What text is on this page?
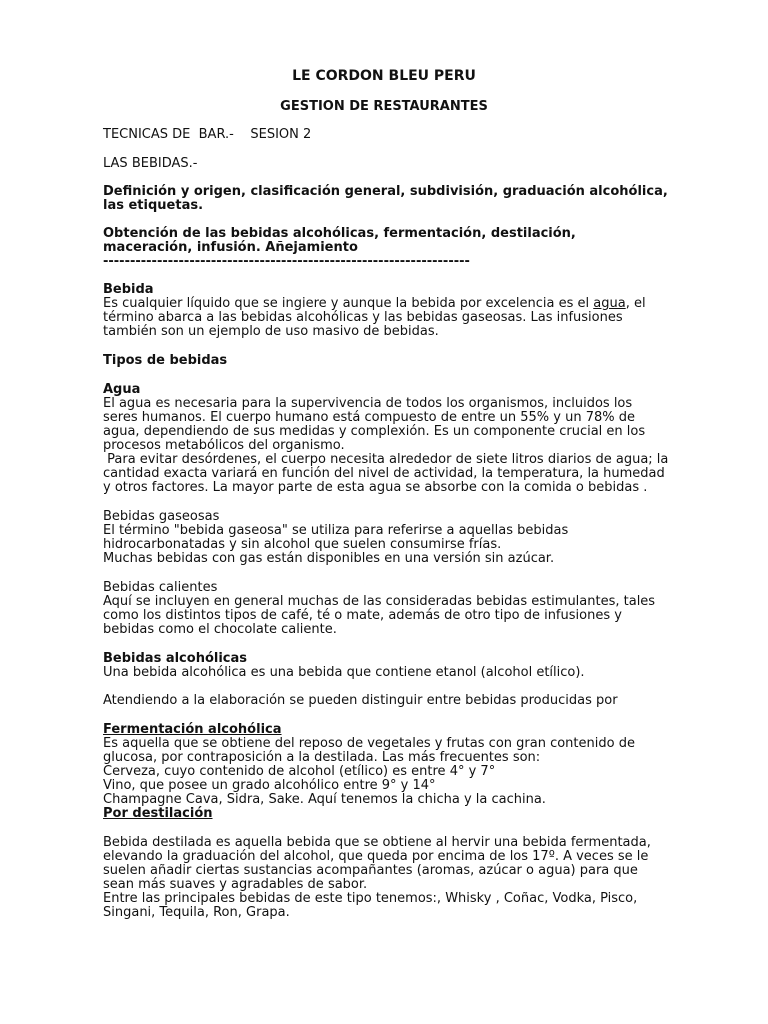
LE CORDON BLEU PERU
GESTION DE RESTAURANTES
TECNICAS DE  BAR.-    SESION 2
LAS BEBIDAS.-
Definición y origen, clasificación general, subdivisión, graduación alcohólica,
las etiquetas.
Obtención de las bebidas alcohólicas, fermentación, destilación,
maceración, infusión. Añejamiento
--------------------------------------------------------------------
Bebida
Es cualquier líquido que se ingiere y aunque la bebida por excelencia es el agua, el
término abarca a las bebidas alcohólicas y las bebidas gaseosas. Las infusiones
también son un ejemplo de uso masivo de bebidas.
Tipos de bebidas
Agua
El agua es necesaria para la supervivencia de todos los organismos, incluidos los
seres humanos. El cuerpo humano está compuesto de entre un 55% y un 78% de
agua, dependiendo de sus medidas y complexión. Es un componente crucial en los
procesos metabólicos del organismo.
Para evitar desórdenes, el cuerpo necesita alrededor de siete litros diarios de agua; la
cantidad exacta variará en función del nivel de actividad, la temperatura, la humedad
y otros factores. La mayor parte de esta agua se absorbe con la comida o bebidas .
Bebidas gaseosas
El término "bebida gaseosa" se utiliza para referirse a aquellas bebidas
hidrocarbonatadas y sin alcohol que suelen consumirse frías.
Muchas bebidas con gas están disponibles en una versión sin azúcar.
Bebidas calientes
Aquí se incluyen en general muchas de las consideradas bebidas estimulantes, tales
como los distintos tipos de café, té o mate, además de otro tipo de infusiones y
bebidas como el chocolate caliente.
Bebidas alcohólicas
Una bebida alcohólica es una bebida que contiene etanol (alcohol etílico).
Atendiendo a la elaboración se pueden distinguir entre bebidas producidas por
Fermentación alcohólica
Es aquella que se obtiene del reposo de vegetales y frutas con gran contenido de
glucosa, por contraposición a la destilada. Las más frecuentes son:
Cerveza, cuyo contenido de alcohol (etílico) es entre 4° y 7°
Vino, que posee un grado alcohólico entre 9° y 14°
Champagne Cava, Sidra, Sake. Aquí tenemos la chicha y la cachina.
Por destilación
Bebida destilada es aquella bebida que se obtiene al hervir una bebida fermentada,
elevando la graduación del alcohol, que queda por encima de los 17º. A veces se le
suelen añadir ciertas sustancias acompañantes (aromas, azúcar o agua) para que
sean más suaves y agradables de sabor.
Entre las principales bebidas de este tipo tenemos:, Whisky , Coñac, Vodka, Pisco,
Singani, Tequila, Ron, Grapa.
